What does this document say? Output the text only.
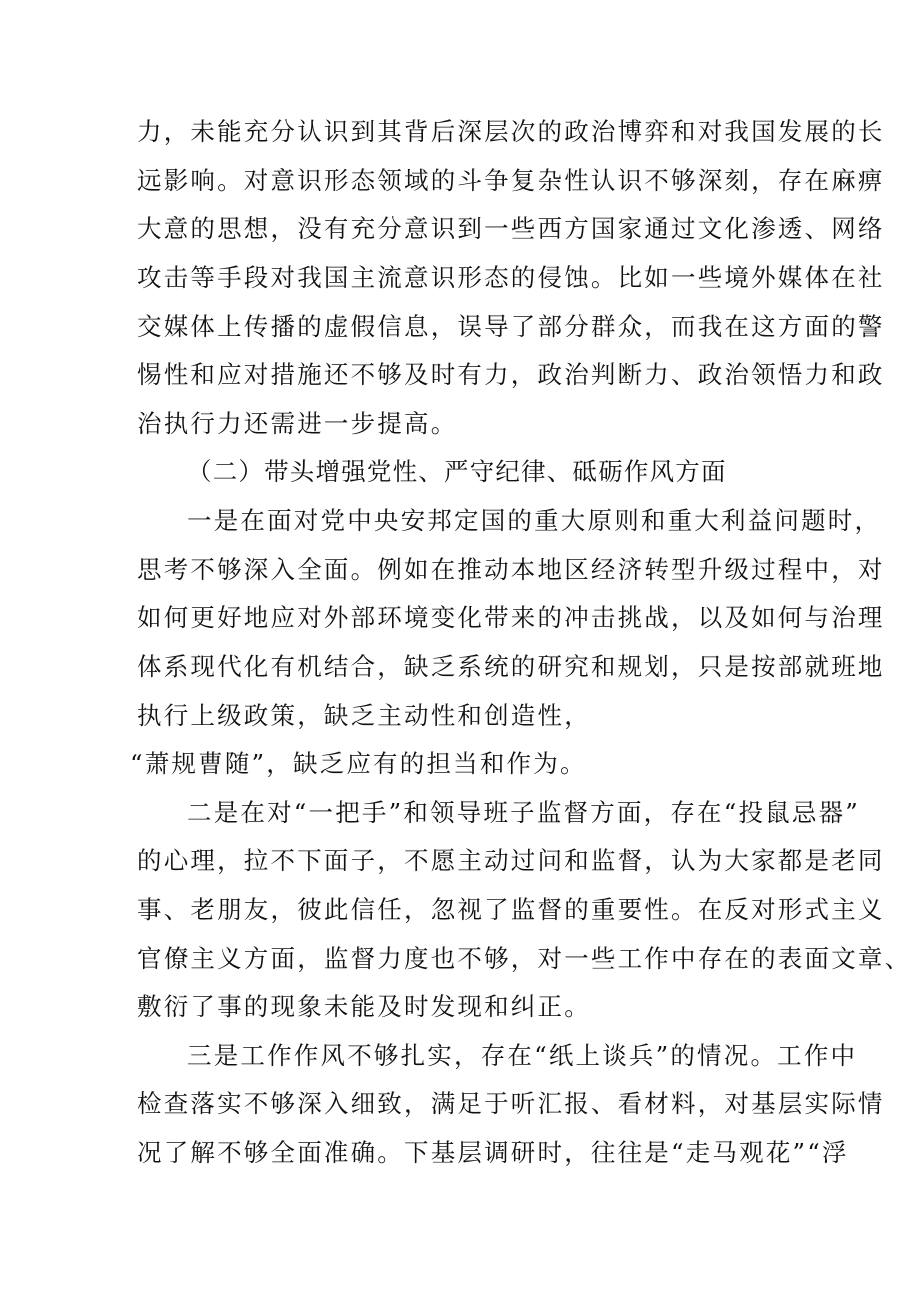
力，未能充分认识到其背后深层次的政治博弈和对我国发展的长
远影响。对意识形态领域的斗争复杂性认识不够深刻，存在麻痹
大意的思想，没有充分意识到一些西方国家通过文化渗透、网络
攻击等手段对我国主流意识形态的侵蚀。比如一些境外媒体在社
交媒体上传播的虚假信息，误导了部分群众，而我在这方面的警
惕性和应对措施还不够及时有力，政治判断力、政治领悟力和政
治执行力还需进一步提高。
（二）带头增强党性、严守纪律、砥砺作风方面
一是在面对党中央安邦定国的重大原则和重大利益问题时，
思考不够深入全面。例如在推动本地区经济转型升级过程中，对
如何更好地应对外部环境变化带来的冲击挑战，以及如何与治理
体系现代化有机结合，缺乏系统的研究和规划，只是按部就班地
执行上级政策，缺乏主动性和创造性，
“萧规曹随”，缺乏应有的担当和作为。
二是在对“一把手”和领导班子监督方面，存在“投鼠忌器”
的心理，拉不下面子，不愿主动过问和监督，认为大家都是老同
事、老朋友，彼此信任，忽视了监督的重要性。在反对形式主义
官僚主义方面，监督力度也不够，对一些工作中存在的表面文章、
敷衍了事的现象未能及时发现和纠正。
三是工作作风不够扎实，存在“纸上谈兵”的情况。工作中
检查落实不够深入细致，满足于听汇报、看材料，对基层实际情
况了解不够全面准确。下基层调研时，往往是“走马观花”“浮
